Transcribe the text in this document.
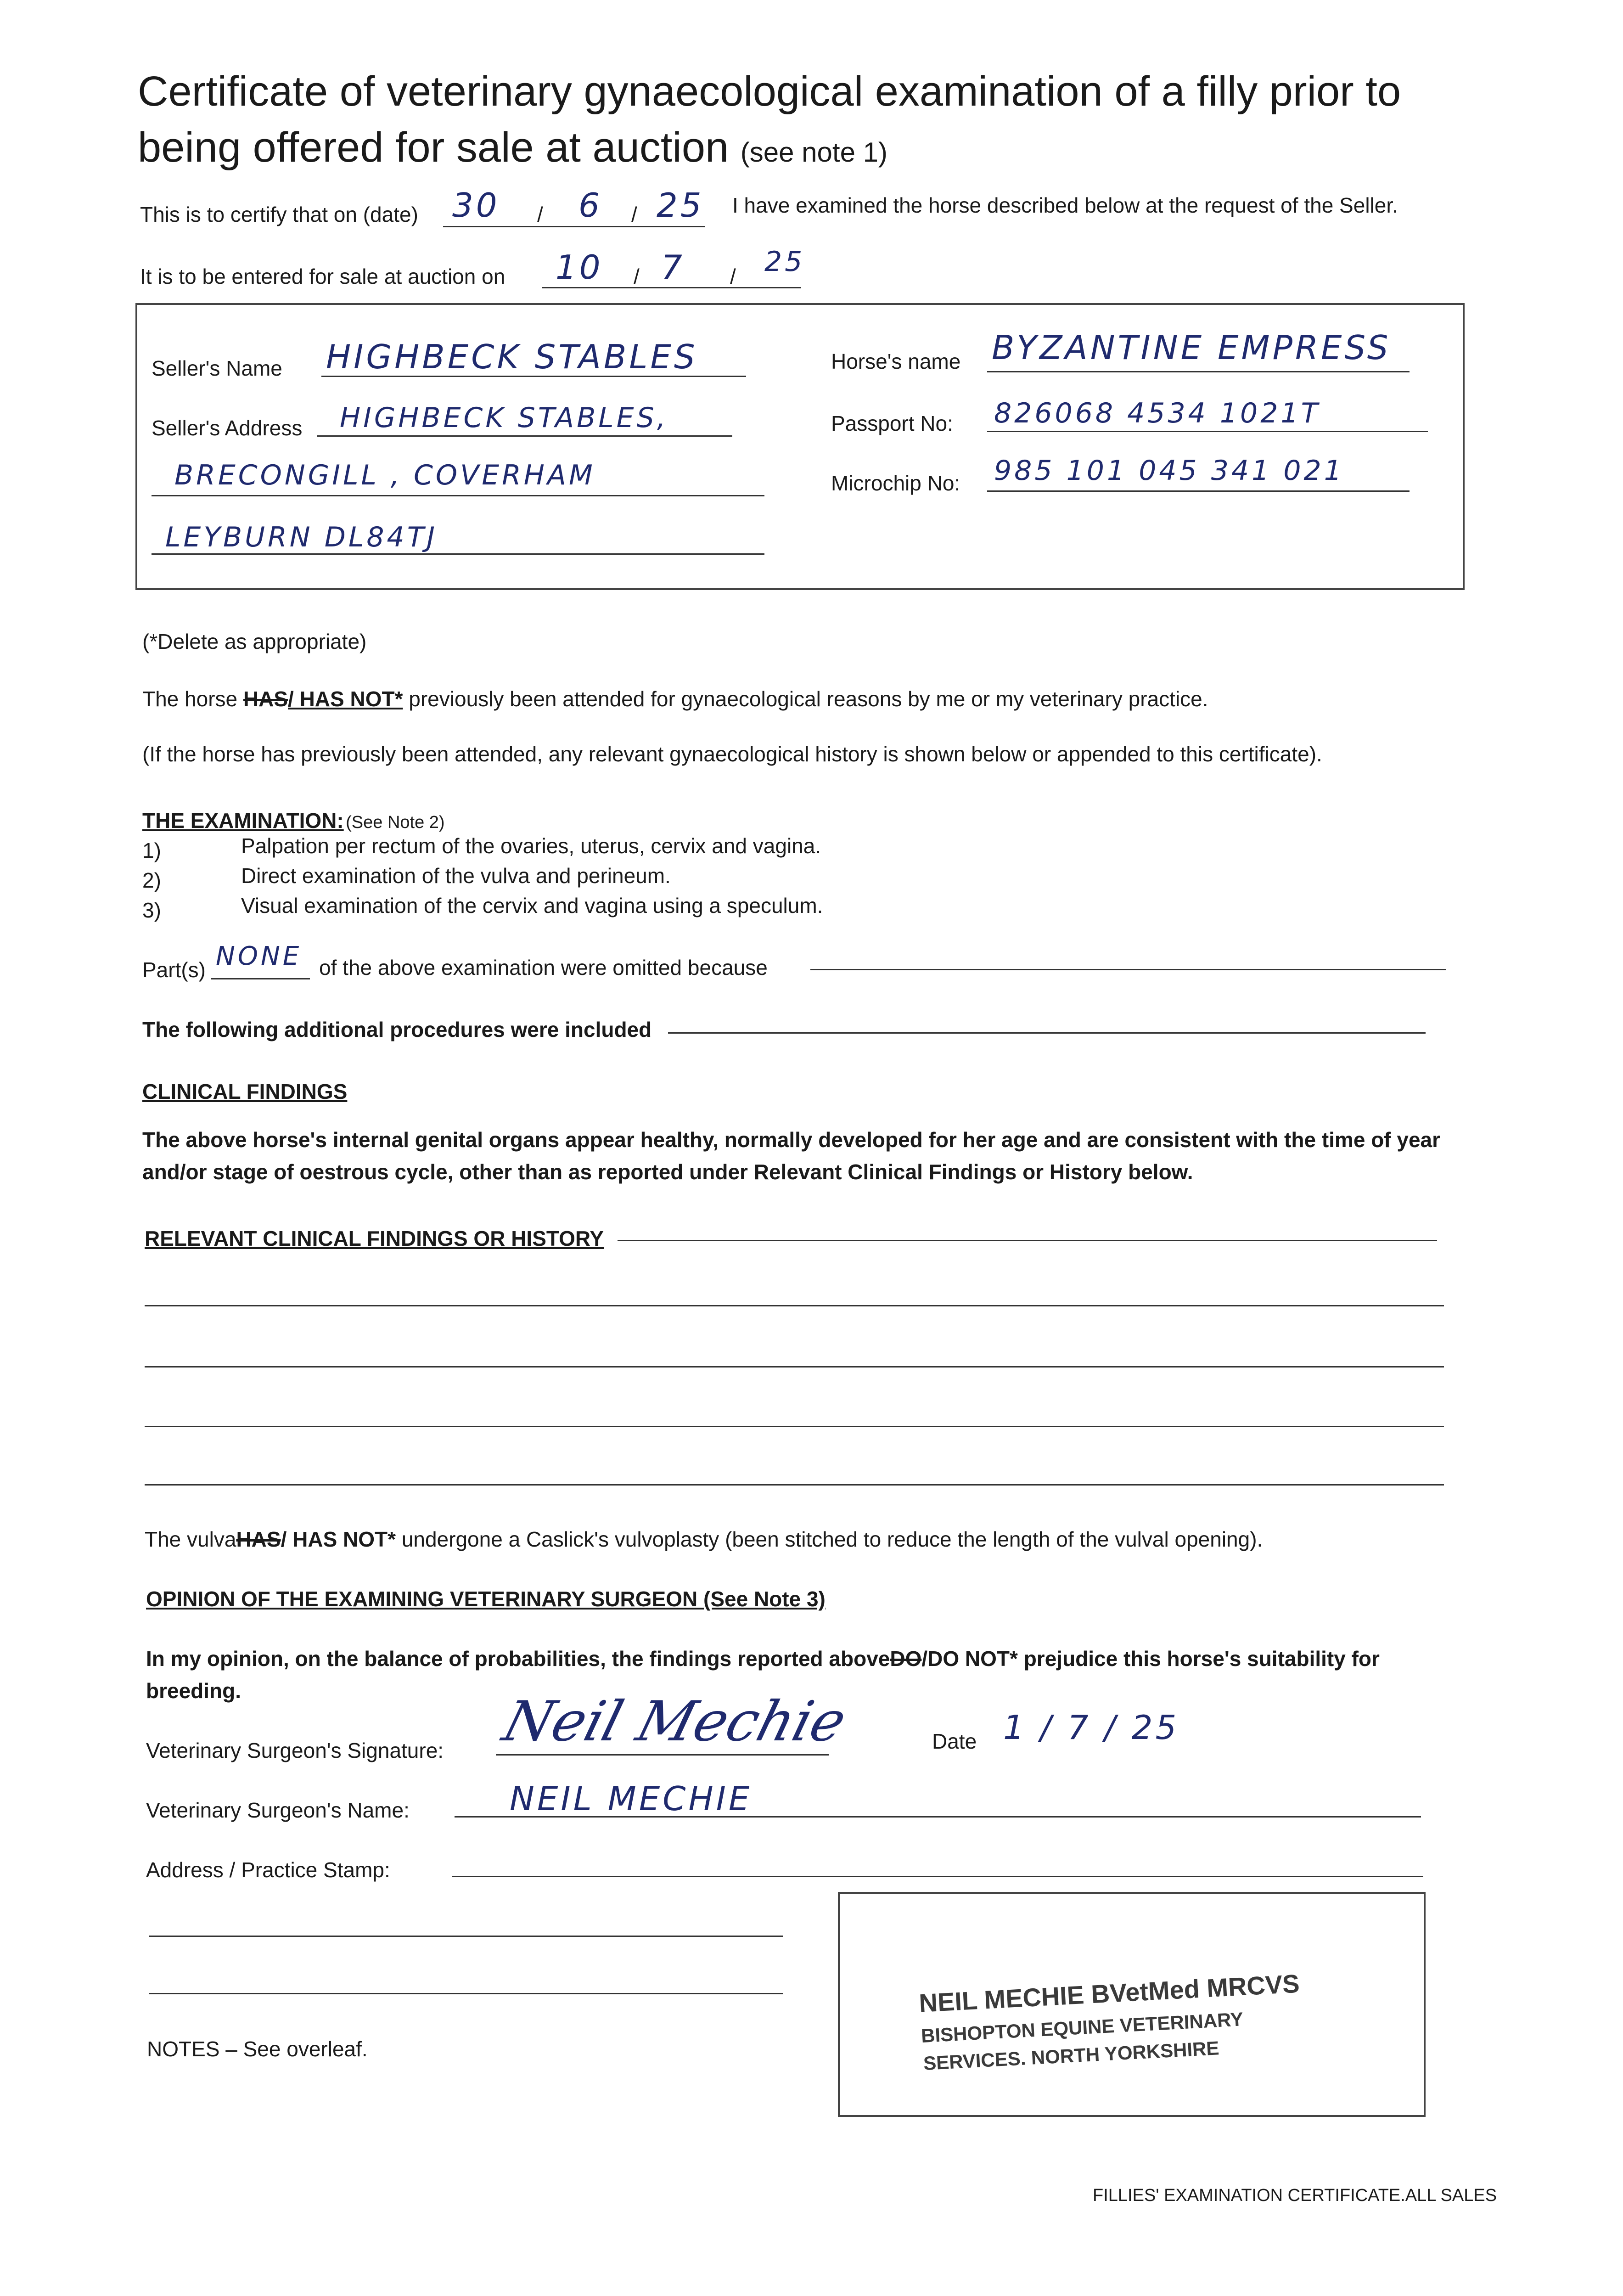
Certificate of veterinary gynaecological examination of a filly prior to
being offered for sale at auction (see note 1)
This is to certify that on (date) 30 / 6 / 25 I have examined the horse described below at the request of the Seller.
It is to be entered for sale at auction on 10 / 7 / 25
Seller's Name HIGHBECK STABLES
Seller's Address HIGHBECK STABLES,
BRECONGILL , COVERHAM
LEYBURN DL84TJ
Horse's name BYZANTINE EMPRESS
Passport No: 826068 4534 1021T
Microchip No: 985 101 045 341 021
(*Delete as appropriate)
The horse HAS/ HAS NOT* previously been attended for gynaecological reasons by me or my veterinary practice.
(If the horse has previously been attended, any relevant gynaecological history is shown below or appended to this certificate).
THE EXAMINATION: (See Note 2)
1)	Palpation per rectum of the ovaries, uterus, cervix and vagina.
2)	Direct examination of the vulva and perineum.
3)	Visual examination of the cervix and vagina using a speculum.
Part(s) NONE of the above examination were omitted because
The following additional procedures were included
CLINICAL FINDINGS
The above horse's internal genital organs appear healthy, normally developed for her age and are consistent with the time of year
and/or stage of oestrous cycle, other than as reported under Relevant Clinical Findings or History below.
RELEVANT CLINICAL FINDINGS OR HISTORY
The vulvaHAS/ HAS NOT* undergone a Caslick's vulvoplasty (been stitched to reduce the length of the vulval opening).
OPINION OF THE EXAMINING VETERINARY SURGEON (See Note 3)
In my opinion, on the balance of probabilities, the findings reported aboveDO/DO NOT* prejudice this horse's suitability for
breeding.
Veterinary Surgeon's Signature: Neil Mechie	Date 1 / 7 / 25
Veterinary Surgeon's Name:	NEIL MECHIE
Address / Practice Stamp:
NEIL MECHIE BVetMed MRCVS
BISHOPTON EQUINE VETERINARY
SERVICES. NORTH YORKSHIRE
NOTES – See overleaf.
FILLIES' EXAMINATION CERTIFICATE.ALL SALES
